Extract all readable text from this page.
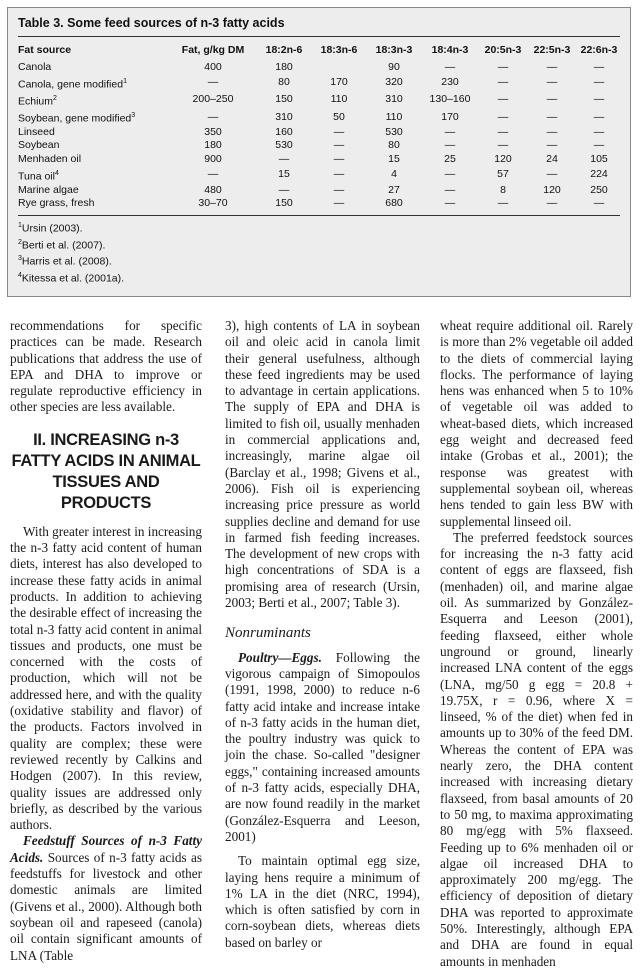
Table 3. Some feed sources of n-3 fatty acids
Fat source	Fat, g/kg DM	18:2n-6	18:3n-6	18:3n-3	18:4n-3	20:5n-3	22:5n-3	22:6n-3
Canola	400	180		90	—	—	—	—
Canola, gene modified$^1$	—	80	170	320	230	—	—	—
Echium$^2$	200–250	150	110	310	130–160	—	—	—
Soybean, gene modified$^3$	—	310	50	110	170	—	—	—
Linseed	350	160	—	530	—	—	—	—
Soybean	180	530	—	80	—	—	—	—
Menhaden oil	900	—	—	15	25	120	24	105
Tuna oil$^4$	—	15	—	4	—	57	—	224
Marine algae	480	—	—	27	—	8	120	250
Rye grass, fresh	30–70	150	—	680	—	—	—	—
$^1$Ursin (2003).
$^2$Berti et al. (2007).
$^3$Harris et al. (2008).
$^4$Kitessa et al. (2001a).

recommendations for specific practices can be made. Research publications that address the use of EPA and DHA to improve or regulate reproductive efficiency in other species are less available.

II. INCREASING n-3 FATTY ACIDS IN ANIMAL TISSUES AND PRODUCTS

With greater interest in increasing the n-3 fatty acid content of human diets, interest has also developed to increase these fatty acids in animal products. In addition to achieving the desirable effect of increasing the total n-3 fatty acid content in animal tissues and products, one must be concerned with the costs of production, which will not be addressed here, and with the quality (oxidative stability and flavor) of the products. Factors involved in quality are complex; these were reviewed recently by Calkins and Hodgen (2007). In this review, quality issues are addressed only briefly, as described by the various authors.

Feedstuff Sources of n-3 Fatty Acids. Sources of n-3 fatty acids as feedstuffs for livestock and other domestic animals are limited (Givens et al., 2000). Although both soybean oil and rapeseed (canola) oil contain significant amounts of LNA (Table

3), high contents of LA in soybean oil and oleic acid in canola limit their general usefulness, although these feed ingredients may be used to advantage in certain applications. The supply of EPA and DHA is limited to fish oil, usually menhaden in commercial applications and, increasingly, marine algae oil (Barclay et al., 1998; Givens et al., 2006). Fish oil is experiencing increasing price pressure as world supplies decline and demand for use in farmed fish feeding increases. The development of new crops with high concentrations of SDA is a promising area of research (Ursin, 2003; Berti et al., 2007; Table 3).

Nonruminants

Poultry—Eggs. Following the vigorous campaign of Simopoulos (1991, 1998, 2000) to reduce n-6 fatty acid intake and increase intake of n-3 fatty acids in the human diet, the poultry industry was quick to join the chase. So-called "designer eggs," containing increased amounts of n-3 fatty acids, especially DHA, are now found readily in the market (González-Esquerra and Leeson, 2001)

To maintain optimal egg size, laying hens require a minimum of 1% LA in the diet (NRC, 1994), which is often satisfied by corn in corn-soybean diets, whereas diets based on barley or

wheat require additional oil. Rarely is more than 2% vegetable oil added to the diets of commercial laying flocks. The performance of laying hens was enhanced when 5 to 10% of vegetable oil was added to wheat-based diets, which increased egg weight and decreased feed intake (Grobas et al., 2001); the response was greatest with supplemental soybean oil, whereas hens tended to gain less BW with supplemental linseed oil.

The preferred feedstock sources for increasing the n-3 fatty acid content of eggs are flaxseed, fish (menhaden) oil, and marine algae oil. As summarized by González-Esquerra and Leeson (2001), feeding flaxseed, either whole unground or ground, linearly increased LNA content of the eggs (LNA, mg/50 g egg = 20.8 + 19.75X, r = 0.96, where X = linseed, % of the diet) when fed in amounts up to 30% of the feed DM. Whereas the content of EPA was nearly zero, the DHA content increased with increasing dietary flaxseed, from basal amounts of 20 to 50 mg, to maxima approximating 80 mg/egg with 5% flaxseed. Feeding up to 6% menhaden oil or algae oil increased DHA to approximately 200 mg/egg. The efficiency of deposition of dietary DHA was reported to approximate 50%. Interestingly, although EPA and DHA are found in equal amounts in menhaden
